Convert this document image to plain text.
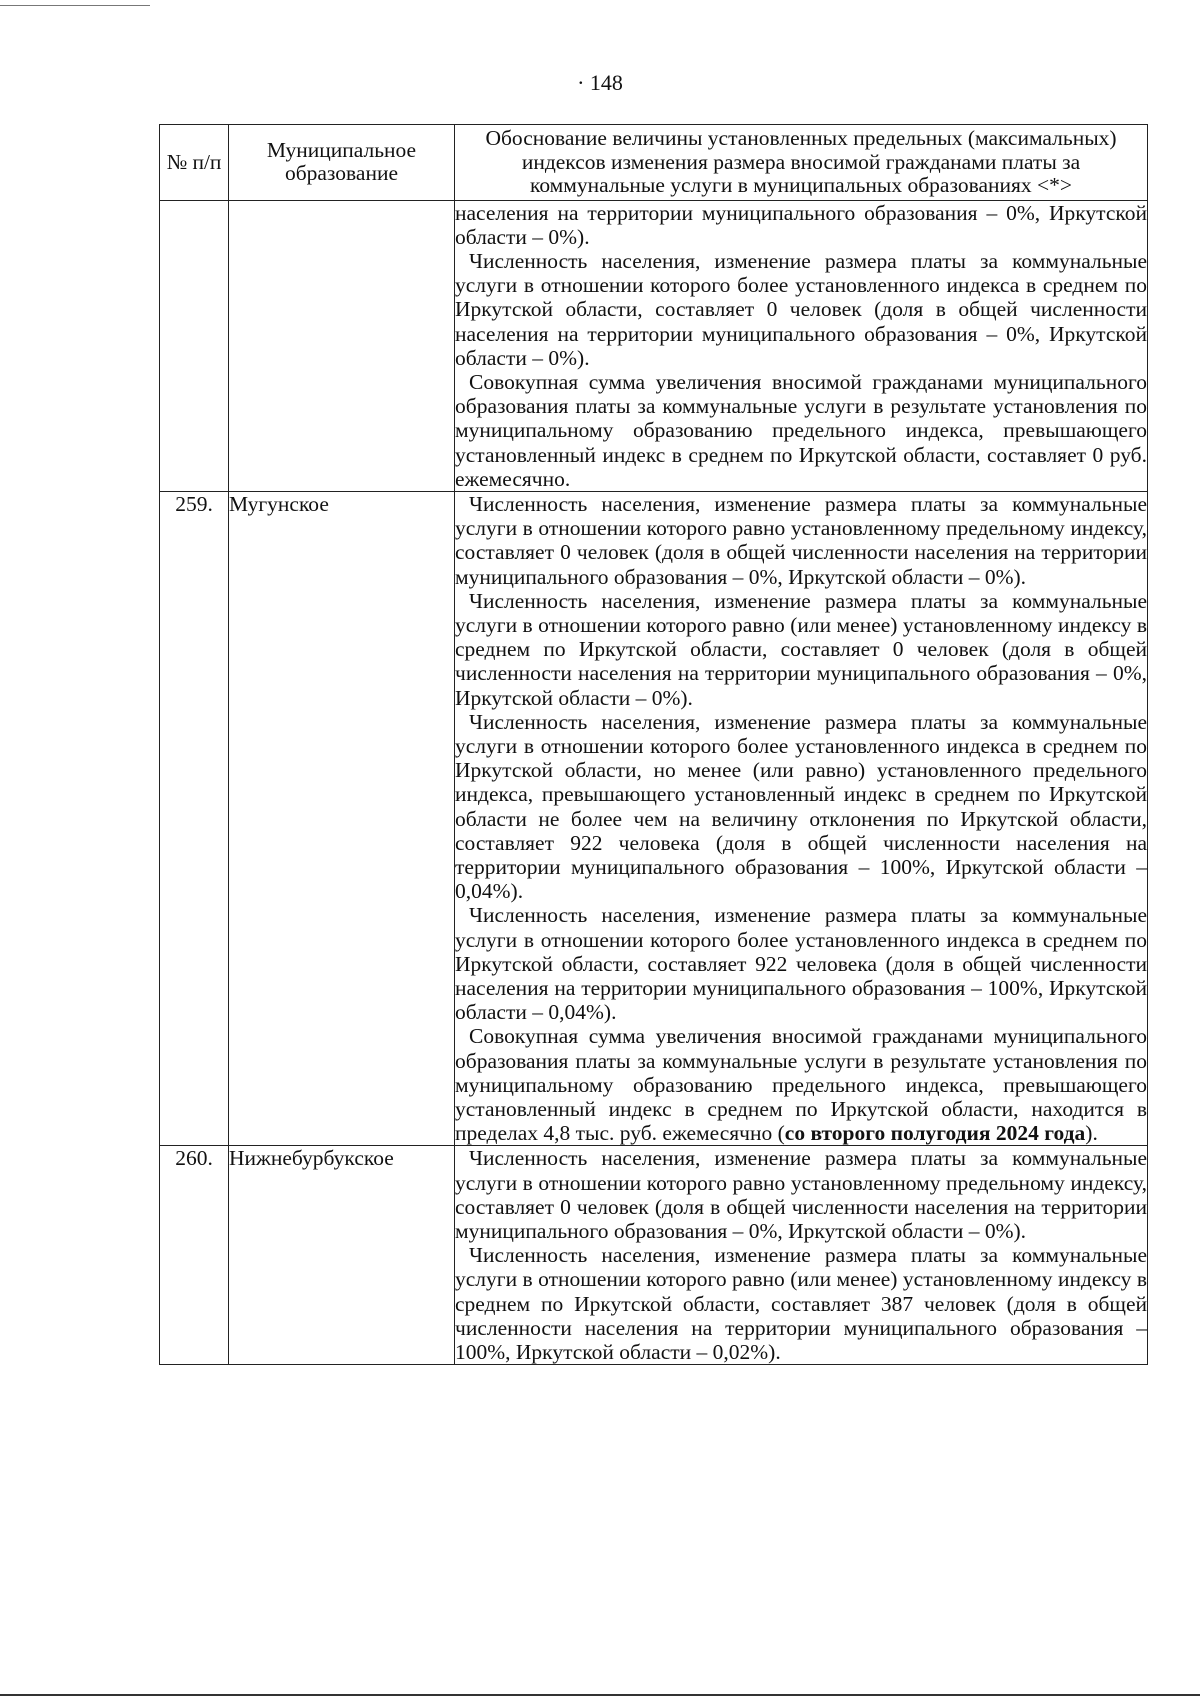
· 148
№ п/п	Муниципальное образование	Обоснование величины установленных предельных (максимальных) индексов изменения размера вносимой гражданами платы за коммунальные услуги в муниципальных образованиях <*>

		населения на территории муниципального образования – 0%, Иркутской области – 0%).

Численность населения, изменение размера платы за коммунальные услуги в отношении которого более установленного индекса в среднем по Иркутской области, составляет 0 человек (доля в общей численности населения на территории муниципального образования – 0%, Иркутской области – 0%).

Совокупная сумма увеличения вносимой гражданами муниципального образования платы за коммунальные услуги в результате установления по муниципальному образованию предельного индекса, превышающего установленный индекс в среднем по Иркутской области, составляет 0 руб. ежемесячно.

259.	Мугунское	Численность населения, изменение размера платы за коммунальные услуги в отношении которого равно установленному предельному индексу, составляет 0 человек (доля в общей численности населения на территории муниципального образования – 0%, Иркутской области – 0%).

Численность населения, изменение размера платы за коммунальные услуги в отношении которого равно (или менее) установленному индексу в среднем по Иркутской области, составляет 0 человек (доля в общей численности населения на территории муниципального образования – 0%, Иркутской области – 0%).

Численность населения, изменение размера платы за коммунальные услуги в отношении которого более установленного индекса в среднем по Иркутской области, но менее (или равно) установленного предельного индекса, превышающего установленный индекс в среднем по Иркутской области не более чем на величину отклонения по Иркутской области, составляет 922 человека (доля в общей численности населения на территории муниципального образования – 100%, Иркутской области – 0,04%).

Численность населения, изменение размера платы за коммунальные услуги в отношении которого более установленного индекса в среднем по Иркутской области, составляет 922 человека (доля в общей численности населения на территории муниципального образования – 100%, Иркутской области – 0,04%).

Совокупная сумма увеличения вносимой гражданами муниципального образования платы за коммунальные услуги в результате установления по муниципальному образованию предельного индекса, превышающего установленный индекс в среднем по Иркутской области, находится в пределах 4,8 тыс. руб. ежемесячно (со второго полугодия 2024 года).

260.	Нижнебурбукское	Численность населения, изменение размера платы за коммунальные услуги в отношении которого равно установленному предельному индексу, составляет 0 человек (доля в общей численности населения на территории муниципального образования – 0%, Иркутской области – 0%).

Численность населения, изменение размера платы за коммунальные услуги в отношении которого равно (или менее) установленному индексу в среднем по Иркутской области, составляет 387 человек (доля в общей численности населения на территории муниципального образования – 100%, Иркутской области – 0,02%).
